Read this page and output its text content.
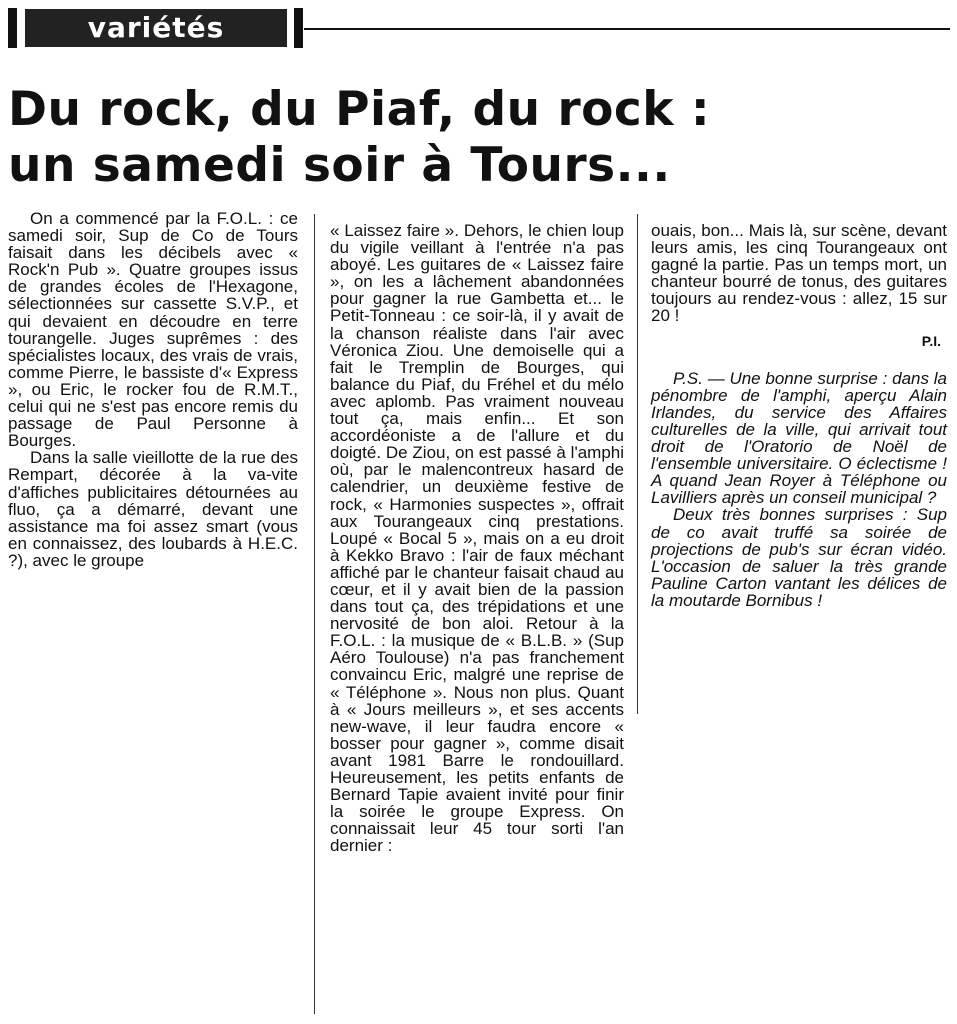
variétés
Du rock, du Piaf, du rock :
un samedi soir à Tours...

On a commencé par la F.O.L. : ce samedi soir, Sup de Co de Tours faisait dans les décibels avec « Rock'n Pub ». Quatre groupes issus de grandes écoles de l'Hexagone, sélectionnées sur cassette S.V.P., et qui devaient en découdre en terre tourangelle. Juges suprêmes : des spécialistes locaux, des vrais de vrais, comme Pierre, le bassiste d'« Express », ou Eric, le rocker fou de R.M.T., celui qui ne s'est pas encore remis du passage de Paul Personne à Bourges.

Dans la salle vieillotte de la rue des Rempart, décorée à la va-vite d'affiches publicitaires détournées au fluo, ça a démarré, devant une assistance ma foi assez smart (vous en connaissez, des loubards à H.E.C. ?), avec le groupe

« Laissez faire ». Dehors, le chien loup du vigile veillant à l'entrée n'a pas aboyé. Les guitares de « Laissez faire », on les a lâchement abandonnées pour gagner la rue Gambetta et... le Petit-Tonneau : ce soir-là, il y avait de la chanson réaliste dans l'air avec Véronica Ziou. Une demoiselle qui a fait le Tremplin de Bourges, qui balance du Piaf, du Fréhel et du mélo avec aplomb. Pas vraiment nouveau tout ça, mais enfin... Et son accordéoniste a de l'allure et du doigté. De Ziou, on est passé à l'amphi où, par le malencontreux hasard de calendrier, un deuxième festive de rock, « Harmonies suspectes », offrait aux Tourangeaux cinq prestations. Loupé « Bocal 5 », mais on a eu droit à Kekko Bravo : l'air de faux méchant affiché par le chanteur faisait chaud au cœur, et il y avait bien de la passion dans tout ça, des trépidations et une nervosité de bon aloi. Retour à la F.O.L. : la musique de « B.L.B. » (Sup Aéro Toulouse) n'a pas franchement convaincu Eric, malgré une reprise de « Téléphone ». Nous non plus. Quant à « Jours meilleurs », et ses accents new-wave, il leur faudra encore « bosser pour gagner », comme disait avant 1981 Barre le rondouillard. Heureusement, les petits enfants de Bernard Tapie avaient invité pour finir la soirée le groupe Express. On connaissait leur 45 tour sorti l'an dernier :

ouais, bon... Mais là, sur scène, devant leurs amis, les cinq Tourangeaux ont gagné la partie. Pas un temps mort, un chanteur bourré de tonus, des guitares toujours au rendez-vous : allez, 15 sur 20 !

P.I.

P.S. — Une bonne surprise : dans la pénombre de l'amphi, aperçu Alain Irlandes, du service des Affaires culturelles de la ville, qui arrivait tout droit de l'Oratorio de Noël de l'ensemble universitaire. O éclectisme ! A quand Jean Royer à Téléphone ou Lavilliers après un conseil municipal ?

Deux très bonnes surprises : Sup de co avait truffé sa soirée de projections de pub's sur écran vidéo. L'occasion de saluer la très grande Pauline Carton vantant les délices de la moutarde Bornibus !
